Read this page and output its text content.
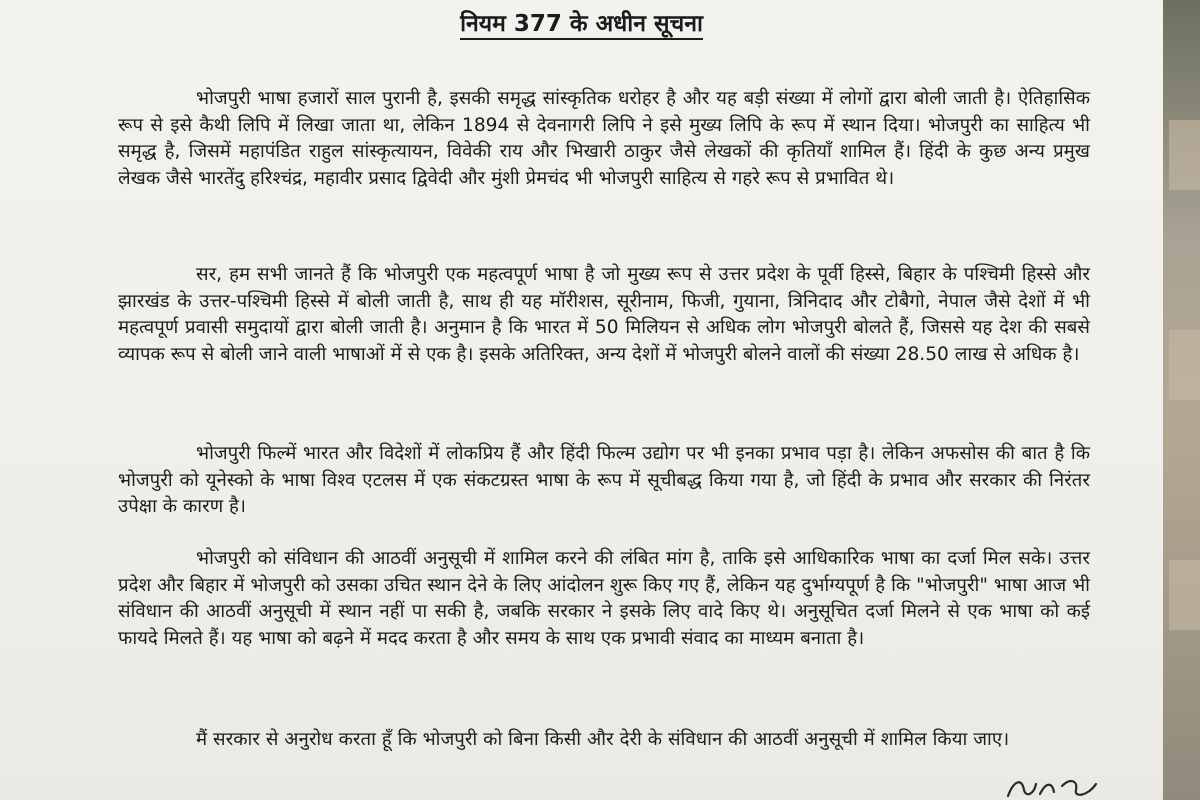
नियम 377 के अधीन सूचना

भोजपुरी भाषा हजारों साल पुरानी है, इसकी समृद्ध सांस्कृतिक धरोहर है और यह बड़ी संख्या में लोगों द्वारा बोली जाती है। ऐतिहासिक रूप से इसे कैथी लिपि में लिखा जाता था, लेकिन 1894 से देवनागरी लिपि ने इसे मुख्य लिपि के रूप में स्थान दिया। भोजपुरी का साहित्य भी समृद्ध है, जिसमें महापंडित राहुल सांस्कृत्यायन, विवेकी राय और भिखारी ठाकुर जैसे लेखकों की कृतियाँ शामिल हैं। हिंदी के कुछ अन्य प्रमुख लेखक जैसे भारतेंदु हरिश्चंद्र, महावीर प्रसाद द्विवेदी और मुंशी प्रेमचंद भी भोजपुरी साहित्य से गहरे रूप से प्रभावित थे।

सर, हम सभी जानते हैं कि भोजपुरी एक महत्वपूर्ण भाषा है जो मुख्य रूप से उत्तर प्रदेश के पूर्वी हिस्से, बिहार के पश्चिमी हिस्से और झारखंड के उत्तर-पश्चिमी हिस्से में बोली जाती है, साथ ही यह मॉरीशस, सूरीनाम, फिजी, गुयाना, त्रिनिदाद और टोबैगो, नेपाल जैसे देशों में भी महत्वपूर्ण प्रवासी समुदायों द्वारा बोली जाती है। अनुमान है कि भारत में 50 मिलियन से अधिक लोग भोजपुरी बोलते हैं, जिससे यह देश की सबसे व्यापक रूप से बोली जाने वाली भाषाओं में से एक है। इसके अतिरिक्त, अन्य देशों में भोजपुरी बोलने वालों की संख्या 28.50 लाख से अधिक है।

भोजपुरी फिल्में भारत और विदेशों में लोकप्रिय हैं और हिंदी फिल्म उद्योग पर भी इनका प्रभाव पड़ा है। लेकिन अफसोस की बात है कि भोजपुरी को यूनेस्को के भाषा विश्व एटलस में एक संकटग्रस्त भाषा के रूप में सूचीबद्ध किया गया है, जो हिंदी के प्रभाव और सरकार की निरंतर उपेक्षा के कारण है।

भोजपुरी को संविधान की आठवीं अनुसूची में शामिल करने की लंबित मांग है, ताकि इसे आधिकारिक भाषा का दर्जा मिल सके। उत्तर प्रदेश और बिहार में भोजपुरी को उसका उचित स्थान देने के लिए आंदोलन शुरू किए गए हैं, लेकिन यह दुर्भाग्यपूर्ण है कि "भोजपुरी" भाषा आज भी संविधान की आठवीं अनुसूची में स्थान नहीं पा सकी है, जबकि सरकार ने इसके लिए वादे किए थे। अनुसूचित दर्जा मिलने से एक भाषा को कई फायदे मिलते हैं। यह भाषा को बढ़ने में मदद करता है और समय के साथ एक प्रभावी संवाद का माध्यम बनाता है।

मैं सरकार से अनुरोध करता हूँ कि भोजपुरी को बिना किसी और देरी के संविधान की आठवीं अनुसूची में शामिल किया जाए।
